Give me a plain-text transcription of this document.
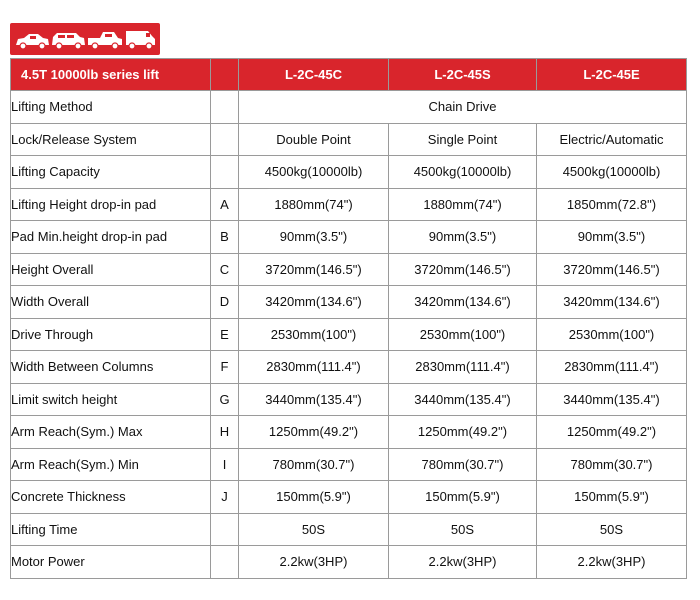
4.5T 10000lb series lift		L-2C-45C	L-2C-45S	L-2C-45E
Lifting Method		Chain Drive		
Lock/Release System		Double Point	Single Point	Electric/Automatic
Lifting Capacity		4500kg(10000lb)	4500kg(10000lb)	4500kg(10000lb)
Lifting Height drop-in pad	A	1880mm(74")	1880mm(74")	1850mm(72.8")
Pad Min.height drop-in pad	B	90mm(3.5")	90mm(3.5")	90mm(3.5")
Height Overall	C	3720mm(146.5")	3720mm(146.5")	3720mm(146.5")
Width Overall	D	3420mm(134.6")	3420mm(134.6")	3420mm(134.6")
Drive Through	E	2530mm(100")	2530mm(100")	2530mm(100")
Width Between Columns	F	2830mm(111.4")	2830mm(111.4")	2830mm(111.4")
Limit switch height	G	3440mm(135.4")	3440mm(135.4")	3440mm(135.4")
Arm Reach(Sym.) Max	H	1250mm(49.2")	1250mm(49.2")	1250mm(49.2")
Arm Reach(Sym.) Min	I	780mm(30.7")	780mm(30.7")	780mm(30.7")
Concrete Thickness	J	150mm(5.9")	150mm(5.9")	150mm(5.9")
Lifting Time		50S	50S	50S
Motor Power		2.2kw(3HP)	2.2kw(3HP)	2.2kw(3HP)
